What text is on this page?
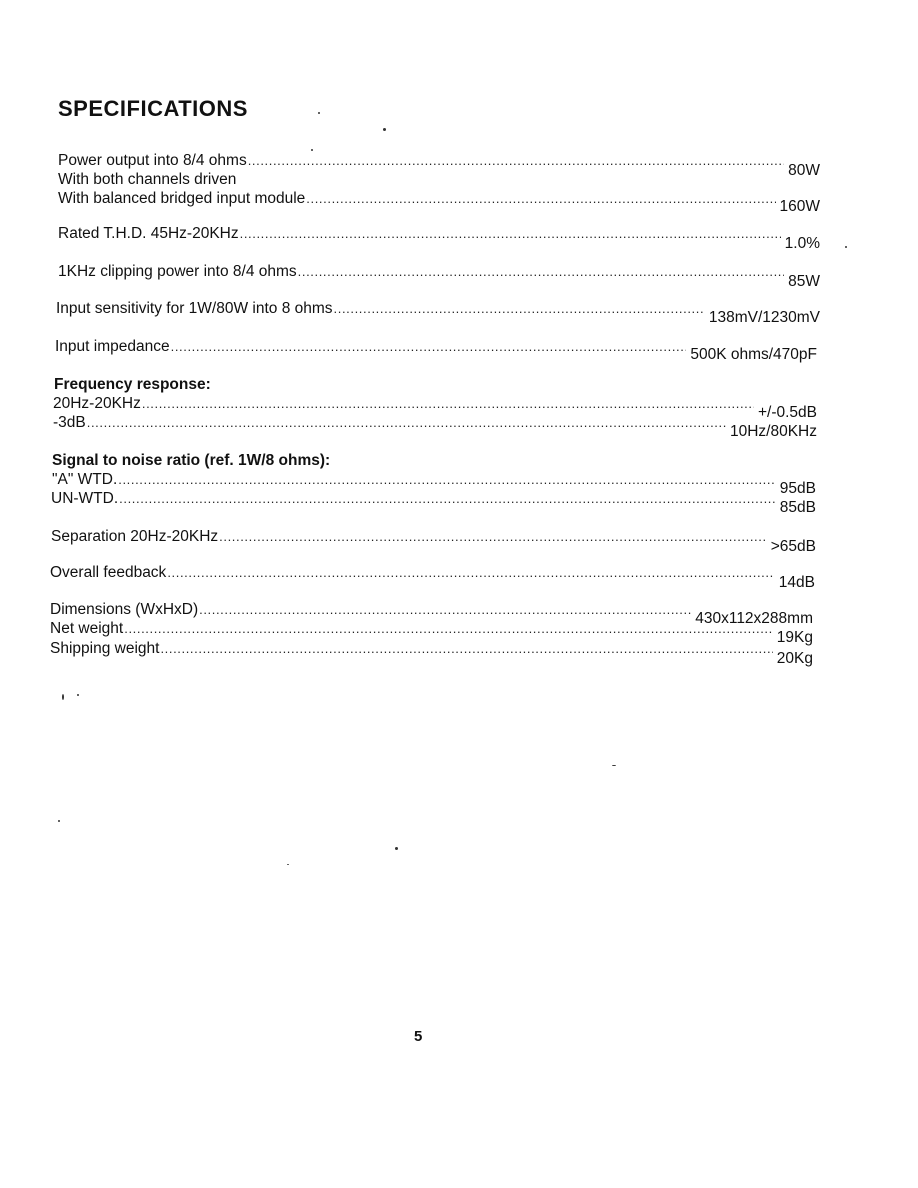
SPECIFICATIONS
Power output into 8/4 ohms
.....
80W
With both channels driven
With balanced bridged input module .....	160W
Rated T.H.D. 45Hz-20KHz
.....
1.0%
1KHz clipping power into 8/4 ohms
.....
85W
Input sensitivity for 1W/80W into 8 ohms
.....
138mV/1230mV
Input impedance .....	500K ohms/470pF
Frequency response:
20Hz-20KHz
.....
+/-0.5dB
-3dB
.....
10Hz/80KHz
Signal to noise ratio (ref. 1W/8 ohms):
"A" WTD.
.....
95dB
UN-WTD.
.....
85dB
Separation 20Hz-20KHz
.....
>65dB
Overall feedback
.....
14dB
Dimensions (WxHxD)
.....
430x112x288mm
Net weight
.....
19Kg
Shipping weight
.....
20Kg
5
